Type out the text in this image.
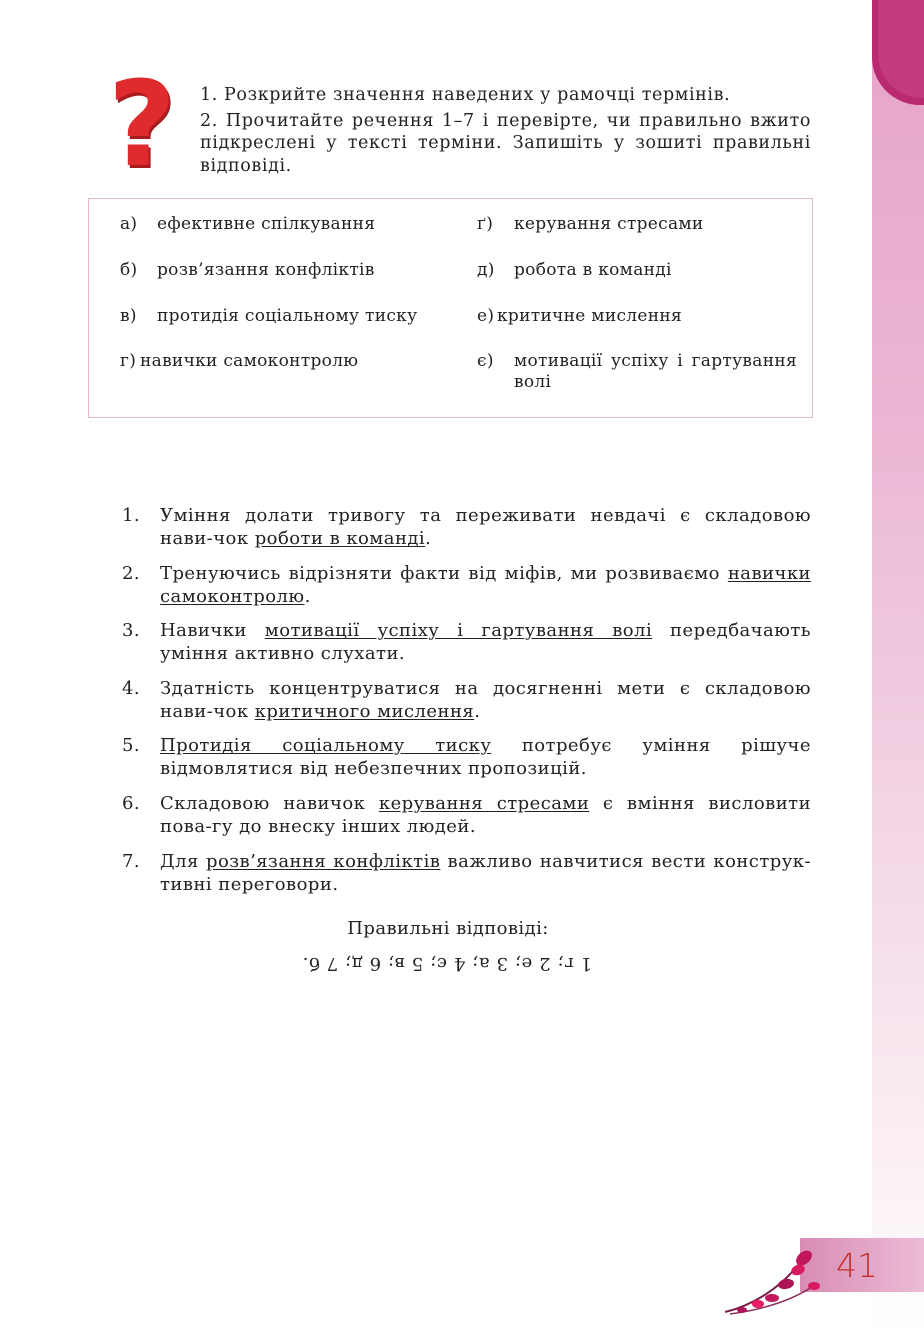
?	1. Розкрийте значення наведених у рамочці термінів.

2. Прочитайте речення 1–7 і перевірте, чи правильно вжито підкреслені у тексті терміни. Запишіть у зошиті правильні відповіді.

а) ефективне спілкування
б) розв’язання конфліктів
в) протидія соціальному тиску
г) навички самоконтролю
ґ) керування стресами
д) робота в команді
е) критичне мислення
є) мотивації успіху і гартування волі
1. Уміння долати тривогу та переживати невдачі є складовою нави-чок роботи в команді.
2. Тренуючись відрізняти факти від міфів, ми розвиваємо навички самоконтролю.
3. Навички мотивації успіху і гартування волі передбачають уміння активно слухати.
4. Здатність концентруватися на досягненні мети є складовою нави-чок критичного мислення.
5. Протидія соціальному тиску потребує уміння рішуче відмовлятися від небезпечних пропозицій.
6. Складовою навичок керування стресами є вміння висловити пова-гу до внеску інших людей.
7. Для розв’язання конфліктів важливо навчитися вести конструк-тивні переговори.
Правильні відповіді:
1 г; 2 е; 3 а; 4 є; 5 в; 6 д; 7 б.
41
